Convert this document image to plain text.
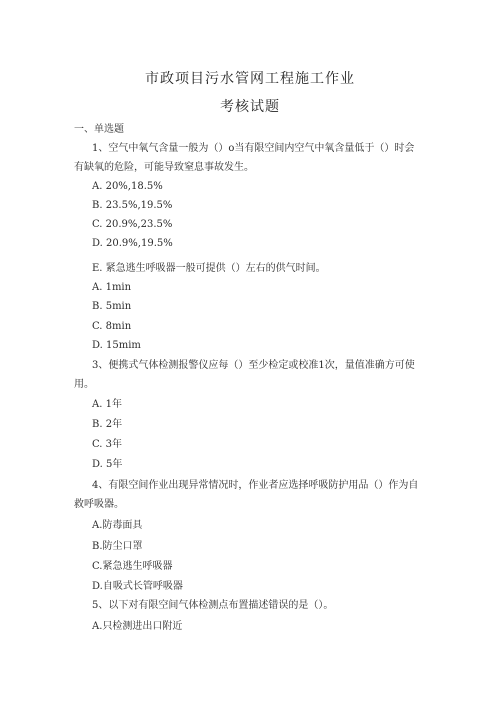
市政项目污水管网工程施工作业
考核试题
一、单选题
1、空气中氧气含量一般为（）o当有限空间内空气中氧含量低于（）时会
有缺氧的危险，可能导致窒息事故发生。
A. 20%,18.5%
B. 23.5%,19.5%
C. 20.9%,23.5%
D. 20.9%,19.5%
E. 紧急逃生呼吸器一般可提供（）左右的供气时间。
A. 1min
B. 5min
C. 8min
D. 15mim
3、便携式气体检测报警仪应每（）至少检定或校准1次，量值准确方可使
用。
A. 1年
B. 2年
C. 3年
D. 5年
4、有限空间作业出现异常情况时，作业者应选择呼吸防护用品（）作为自
救呼吸器。
A.防毒面具
B.防尘口罩
C.紧急逃生呼吸器
D.自吸式长管呼吸器
5、以下对有限空间气体检测点布置描述错误的是（）。
A.只检测进出口附近
